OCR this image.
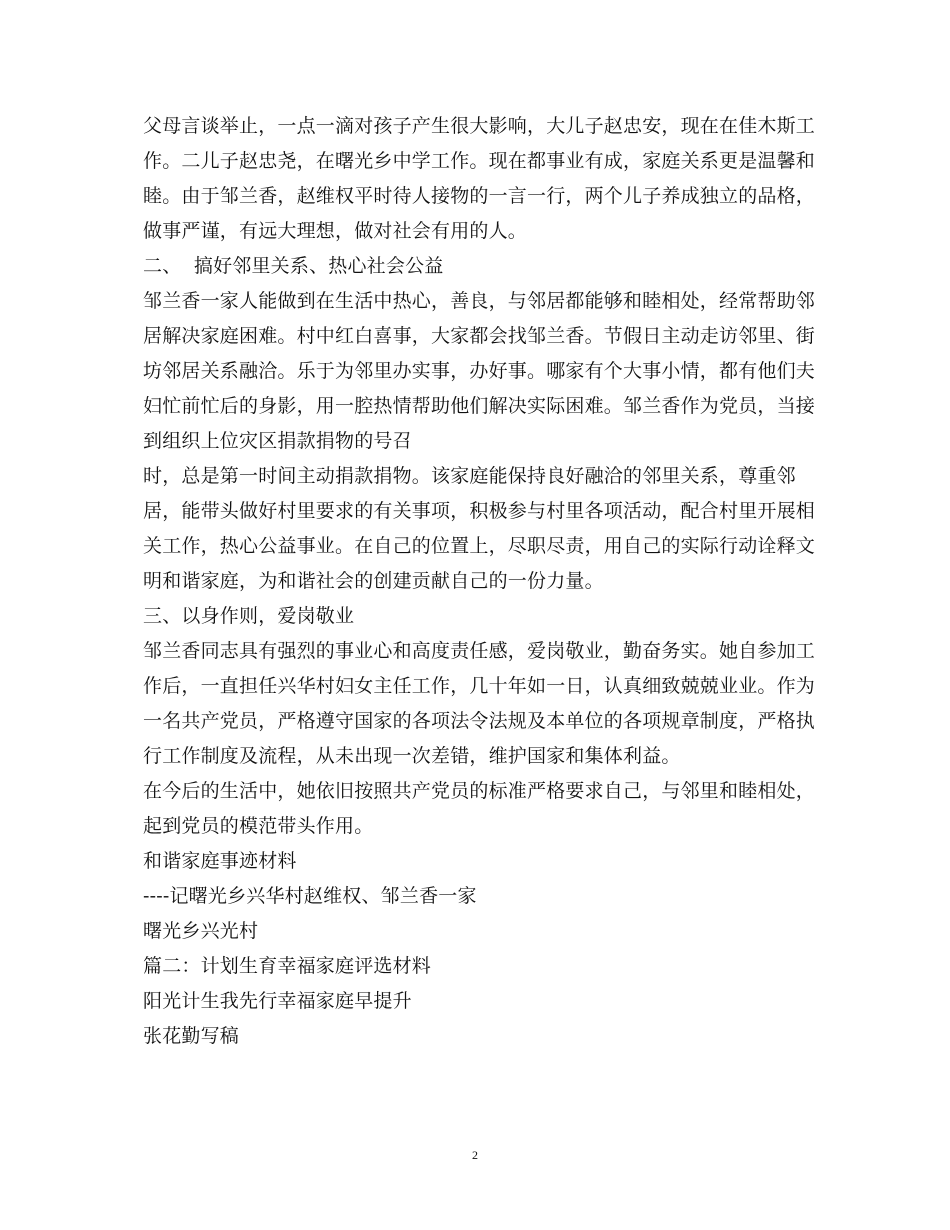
父母言谈举止，一点一滴对孩子产生很大影响，大儿子赵忠安，现在在佳木斯工
作。二儿子赵忠尧，在曙光乡中学工作。现在都事业有成，家庭关系更是温馨和
睦。由于邹兰香，赵维权平时待人接物的一言一行，两个儿子养成独立的品格，
做事严谨，有远大理想，做对社会有用的人。
二、  搞好邻里关系、热心社会公益
邹兰香一家人能做到在生活中热心，善良，与邻居都能够和睦相处，经常帮助邻
居解决家庭困难。村中红白喜事，大家都会找邹兰香。节假日主动走访邻里、街
坊邻居关系融洽。乐于为邻里办实事，办好事。哪家有个大事小情，都有他们夫
妇忙前忙后的身影，用一腔热情帮助他们解决实际困难。邹兰香作为党员，当接
到组织上位灾区捐款捐物的号召
时，总是第一时间主动捐款捐物。该家庭能保持良好融洽的邻里关系，尊重邻
居，能带头做好村里要求的有关事项，积极参与村里各项活动，配合村里开展相
关工作，热心公益事业。在自己的位置上，尽职尽责，用自己的实际行动诠释文
明和谐家庭，为和谐社会的创建贡献自己的一份力量。
三、以身作则，爱岗敬业
邹兰香同志具有强烈的事业心和高度责任感，爱岗敬业，勤奋务实。她自参加工
作后，一直担任兴华村妇女主任工作，几十年如一日，认真细致兢兢业业。作为
一名共产党员，严格遵守国家的各项法令法规及本单位的各项规章制度，严格执
行工作制度及流程，从未出现一次差错，维护国家和集体利益。
在今后的生活中，她依旧按照共产党员的标准严格要求自己，与邻里和睦相处，
起到党员的模范带头作用。
和谐家庭事迹材料
----记曙光乡兴华村赵维权、邹兰香一家
曙光乡兴光村
篇二：计划生育幸福家庭评选材料
阳光计生我先行幸福家庭早提升
张花勤写稿
2
